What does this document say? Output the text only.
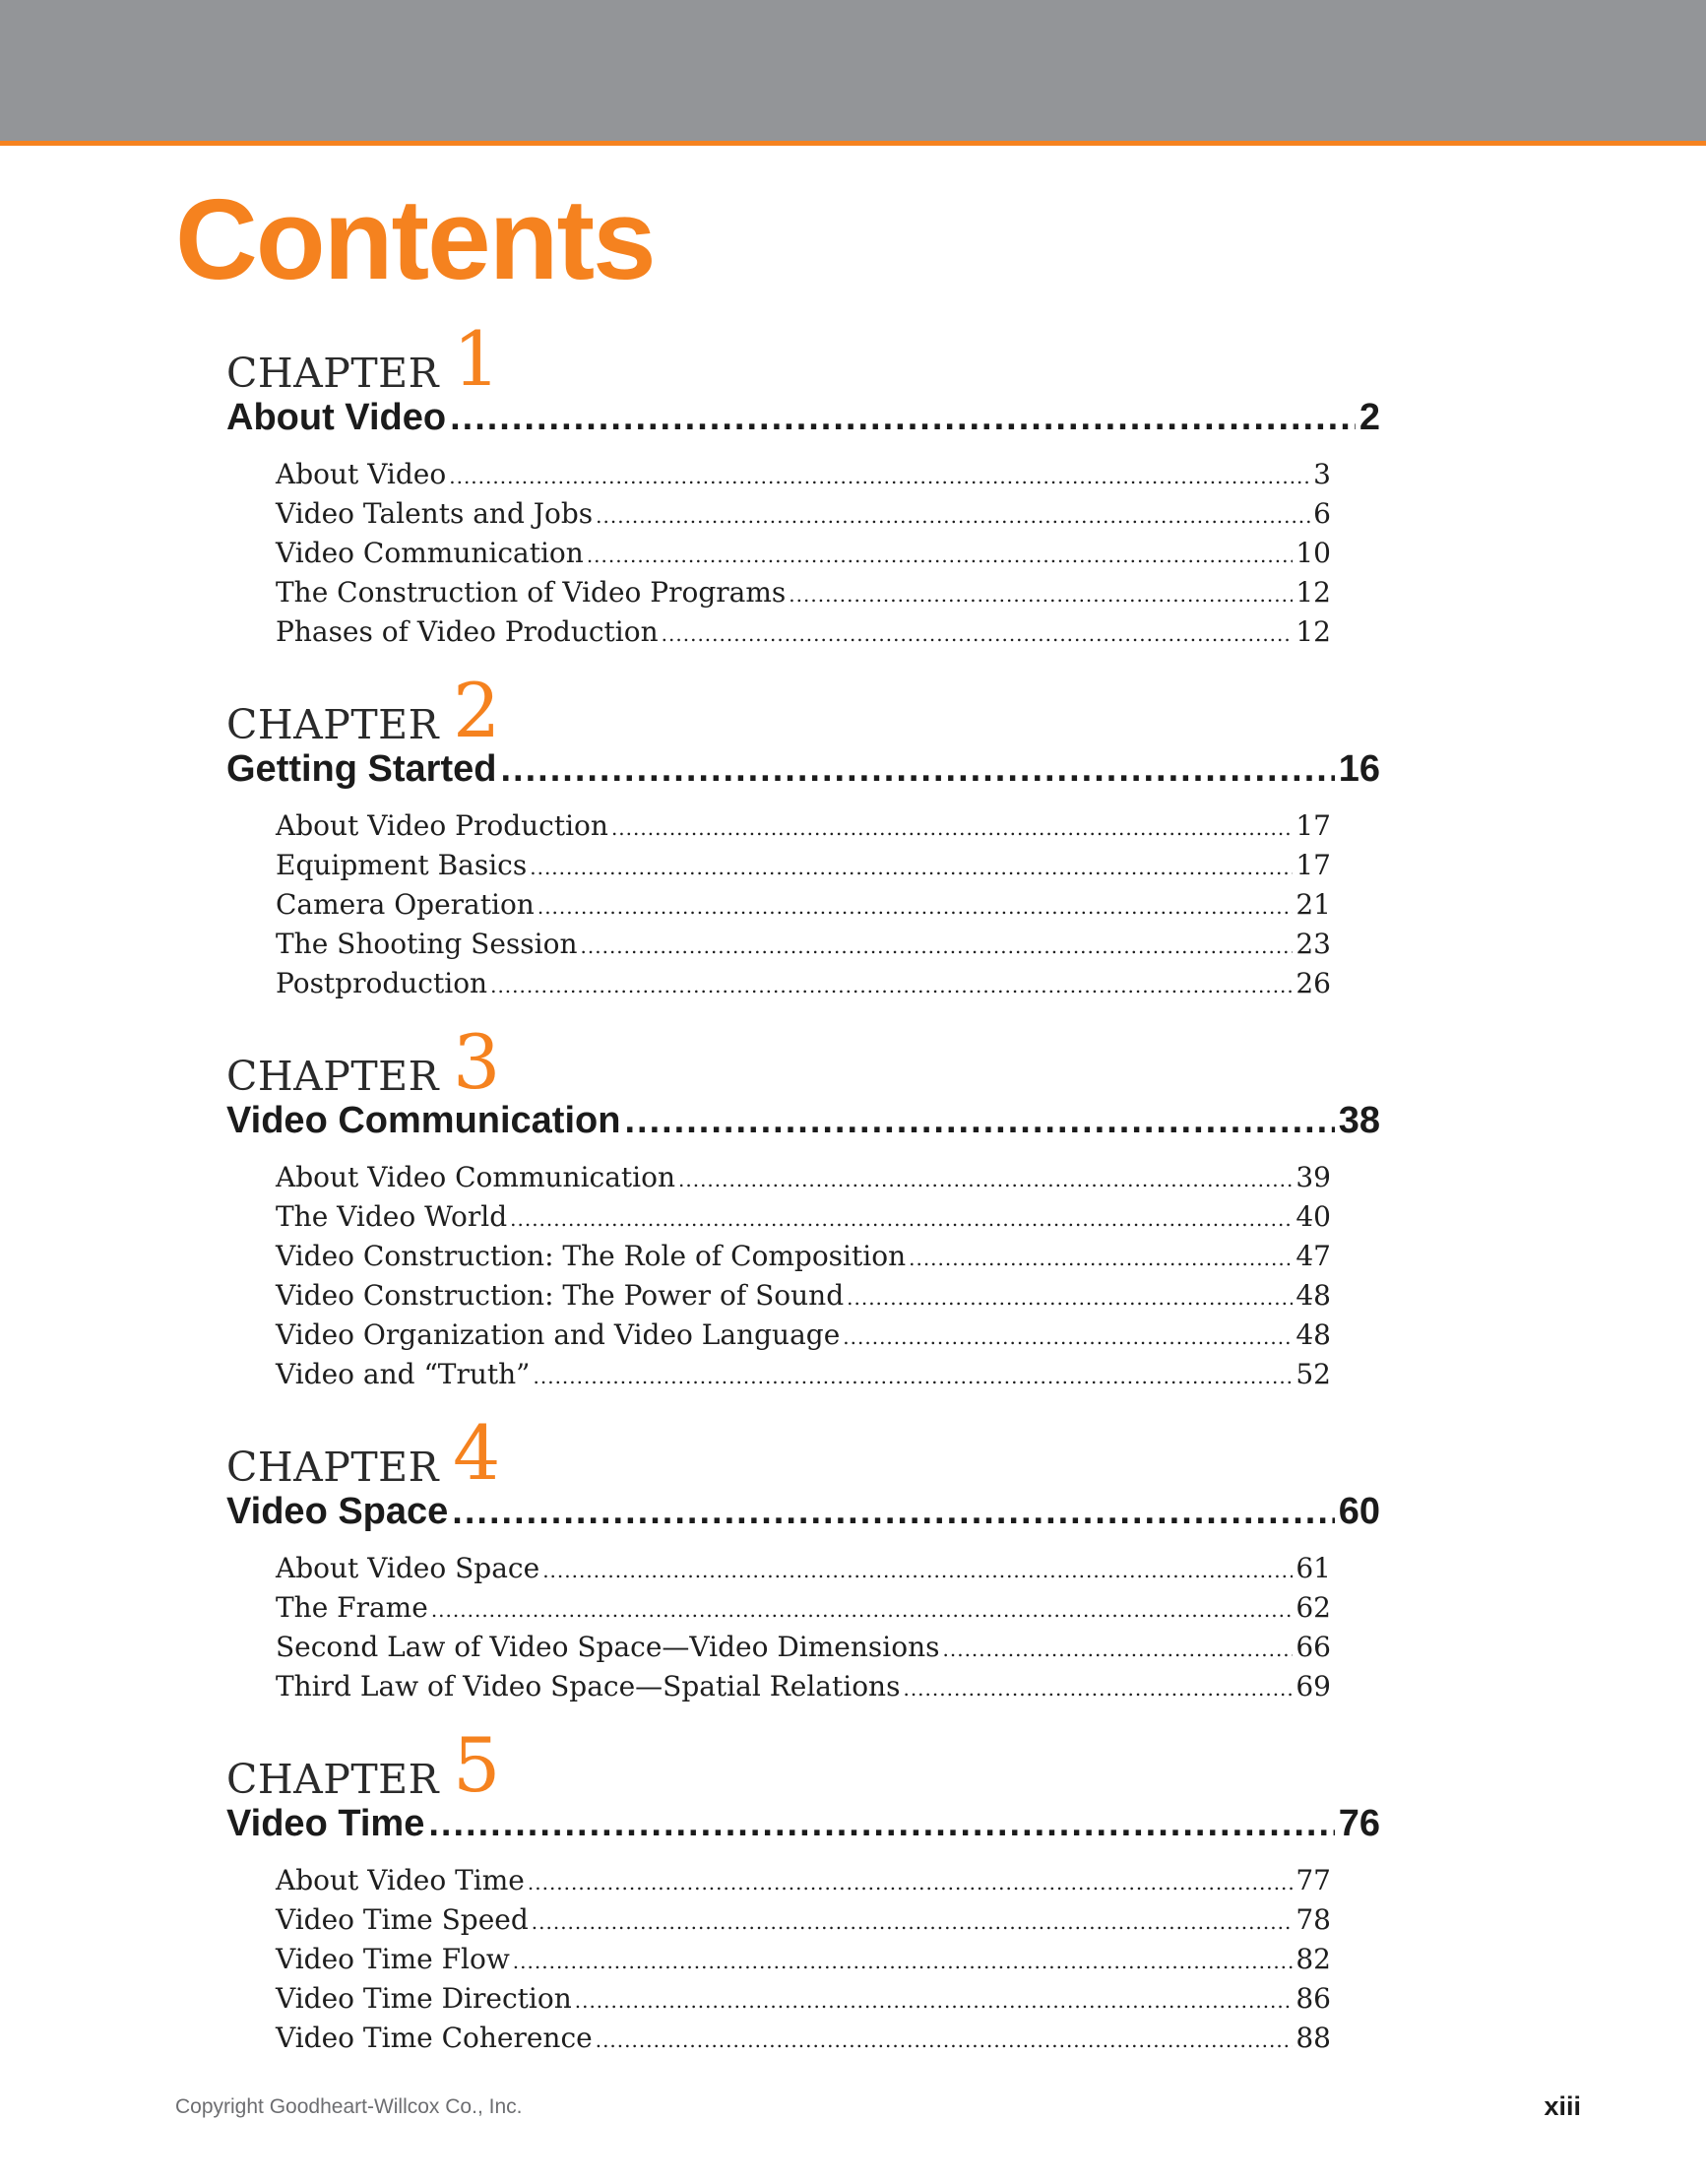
Contents
CHAPTER 1
About Video .....	2
About Video .....	3
Video Talents and Jobs .....	6
Video Communication .....	10
The Construction of Video Programs .....	12
Phases of Video Production .....	12
CHAPTER 2
Getting Started .....	16
About Video Production .....	17
Equipment Basics .....	17
Camera Operation .....	21
The Shooting Session .....	23
Postproduction .....	26
CHAPTER 3
Video Communication .....	38
About Video Communication .....	39
The Video World .....	40
Video Construction: The Role of Composition .....	47
Video Construction: The Power of Sound .....	48
Video Organization and Video Language .....	48
Video and “Truth” .....	52
CHAPTER 4
Video Space .....	60
About Video Space .....	61
The Frame .....	62
Second Law of Video Space—Video Dimensions .....	66
Third Law of Video Space—Spatial Relations .....	69
CHAPTER 5
Video Time .....	76
About Video Time .....	77
Video Time Speed .....	78
Video Time Flow .....	82
Video Time Direction .....	86
Video Time Coherence .....	88
Copyright Goodheart-Willcox Co., Inc.	xiii
